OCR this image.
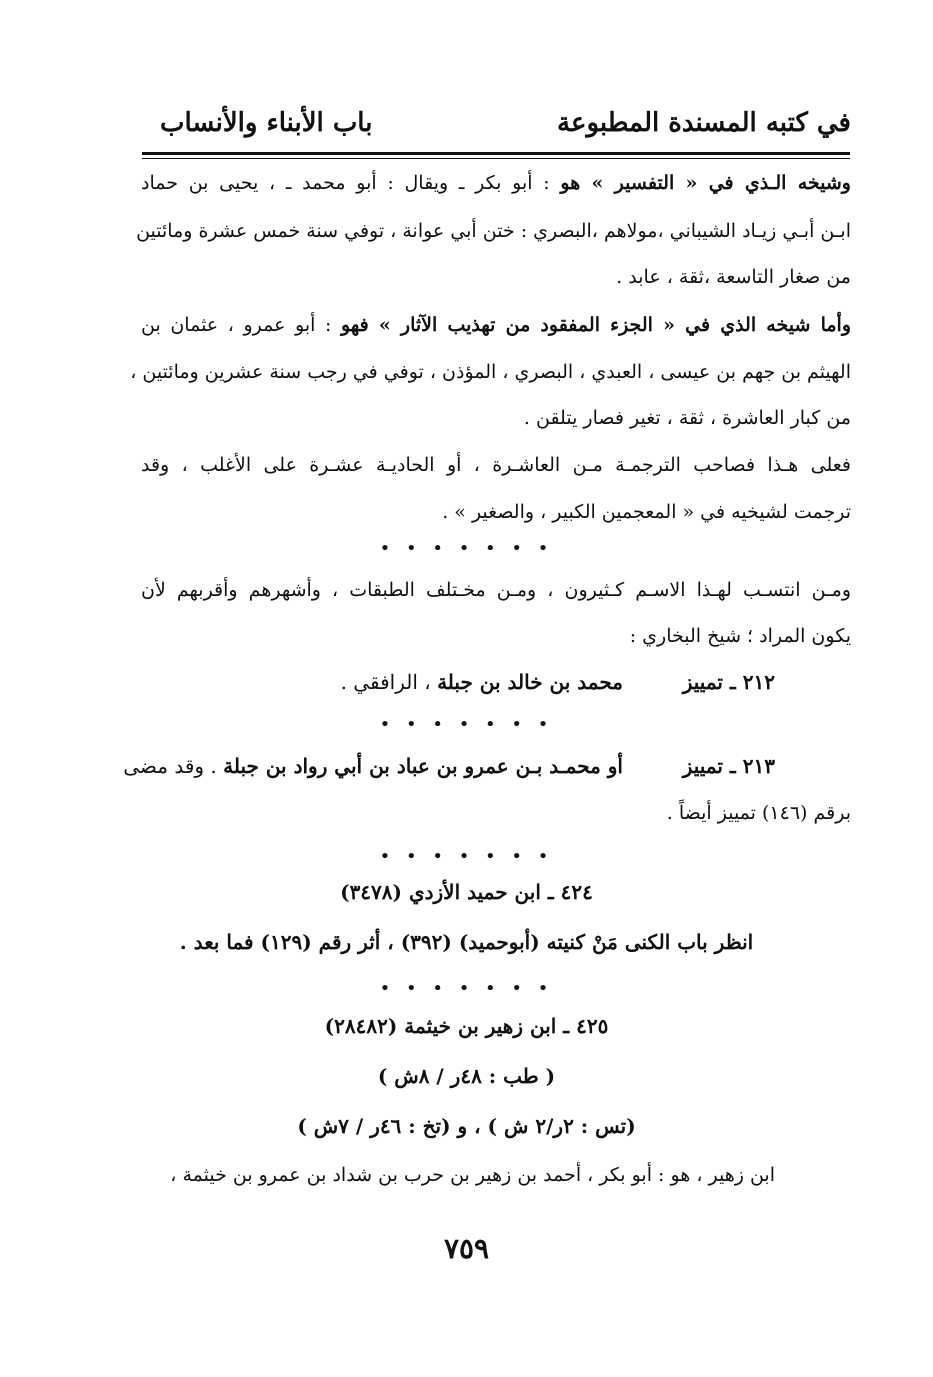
في كتبه المسندة المطبوعة
باب الأبناء والأنساب
وشيخه الـذي في « التفسير » هو : أبو بكر ـ ويقال : أبو محمد ـ ، يحيى بن حماد
ابـن أبـي زيـاد الشيباني ،مولاهم ،البصري : ختن أبي عوانة ، توفي سنة خمس عشرة ومائتين
من صغار التاسعة ،ثقة ، عابد .
وأما شيخه الذي في « الجزء المفقود من تهذيب الآثار » فهو : أبو عمرو ، عثمان بن
الهيثم بن جهم بن عيسى ، العبدي ، البصري ، المؤذن ، توفي في رجب سنة عشرين ومائتين ،
من كبار العاشرة ، ثقة ، تغير فصار يتلقن .
فعلى هـذا فصاحب الترجمـة مـن العاشـرة ، أو الحاديـة عشـرة على الأغلب ، وقد
ترجمت لشيخيه في « المعجمين الكبير ، والصغير » .
• • • • • • •
ومـن انتسـب لهـذا الاسـم كـثيرون ، ومـن مخـتلف الطبقات ، وأشهرهم وأقربهم لأن
يكون المراد ؛ شيخ البخاري :
٢١٢ ـ تمييز
محمد بن خالد بن جبلة ، الرافقي .
• • • • • • •
٢١٣ ـ تمييز
أو محمـد بـن عمرو بن عباد بن أبي رواد بن جبلة . وقد مضى
برقم (١٤٦) تمييز أيضاً .
• • • • • • •
٤٢٤ ـ ابن حميد الأزدي (٣٤٧٨)
انظر باب الكنى مَنْ كنيته (أبوحميد) (٣٩٢) ، أثر رقم (١٢٩) فما بعد .
• • • • • • •
٤٢٥ ـ ابن زهير بن خيثمة (٢٨٤٨٢)
( طب : ٤٨ر / ٨ش )
(تس : ٢ر/٢ ش ) ، و (تخ : ٤٦ر / ٧ش )
ابن زهير ، هو : أبو بكر ، أحمد بن زهير بن حرب بن شداد بن عمرو بن خيثمة ،
٧٥٩
